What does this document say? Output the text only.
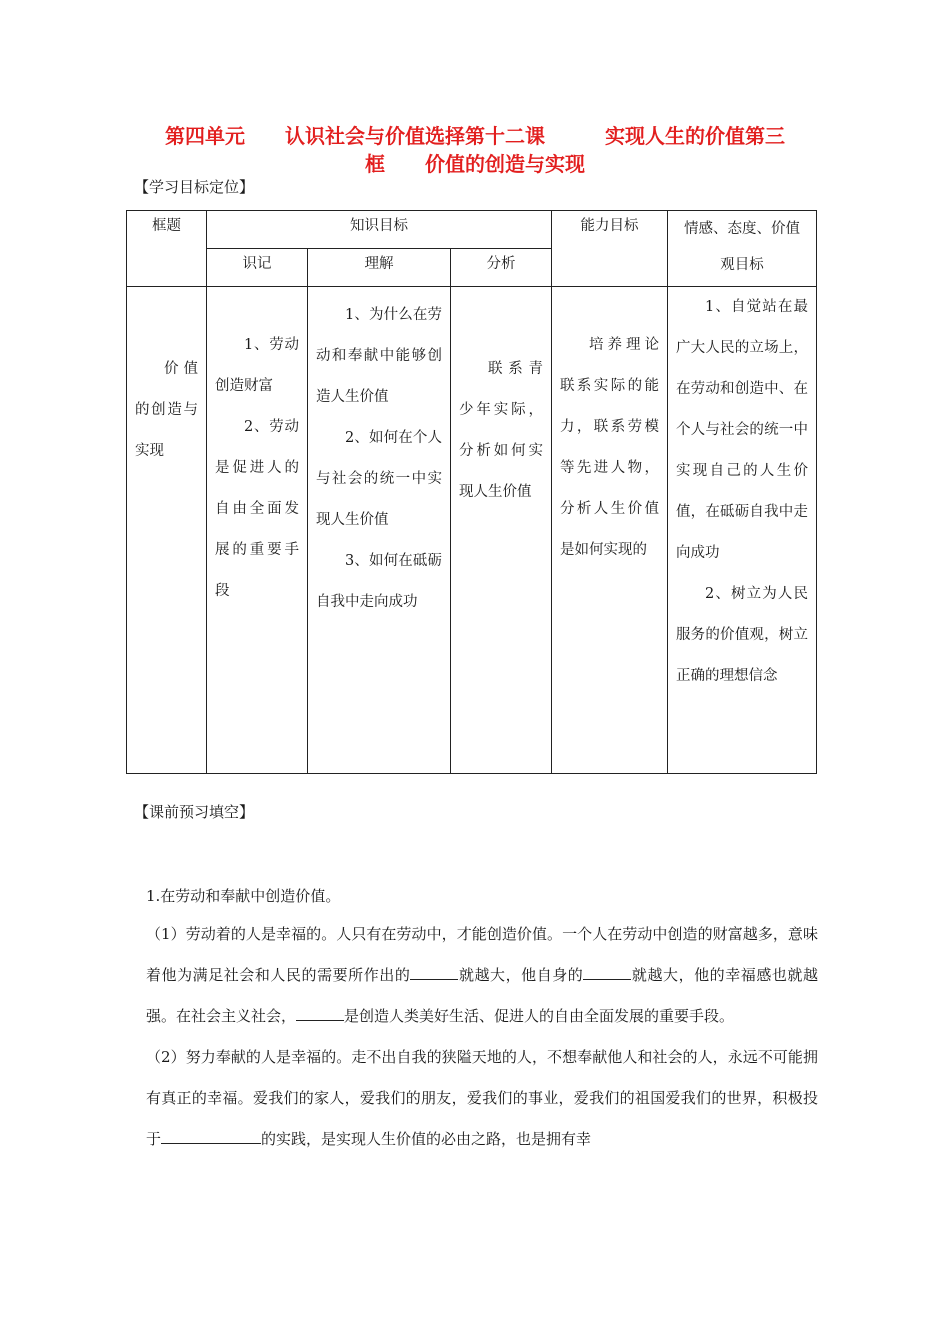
第四单元　　认识社会与价值选择第十二课　　　实现人生的价值第三
框　　价值的创造与实现
【学习目标定位】
框题	知识目标			能力目标	情感、态度、价值观目标
	识记	理解	分析		

价值的创造与实现	1、劳动创造财富
2、劳动是促进人的自由全面发展的重要手段	1、为什么在劳动和奉献中能够创造人生价值
2、如何在个人与社会的统一中实现人生价值
3、如何在砥砺自我中走向成功	联系青少年实际，分析如何实现人生价值	培养理论联系实际的能力，联系劳模等先进人物，分析人生价值是如何实现的	1、自觉站在最广大人民的立场上，在劳动和创造中、在个人与社会的统一中实现自己的人生价值，在砥砺自我中走向成功
2、树立为人民服务的价值观，树立正确的理想信念
【课前预习填空】

1.在劳动和奉献中创造价值。

（1）劳动着的人是幸福的。人只有在劳动中，才能创造价值。一个人在劳动中创造的财富越多，意味着他为满足社会和人民的需要所作出的	就越大，他自身的	就越大，他的幸福感也就越强。在社会主义社会，	是创造人类美好生活、促进人的自由全面发展的重要手段。

（2）努力奉献的人是幸福的。走不出自我的狭隘天地的人，不想奉献他人和社会的人，永远不可能拥有真正的幸福。爱我们的家人，爱我们的朋友，爱我们的事业，爱我们的祖国爱我们的世界，积极投于	的实践，是实现人生价值的必由之路，也是拥有幸
